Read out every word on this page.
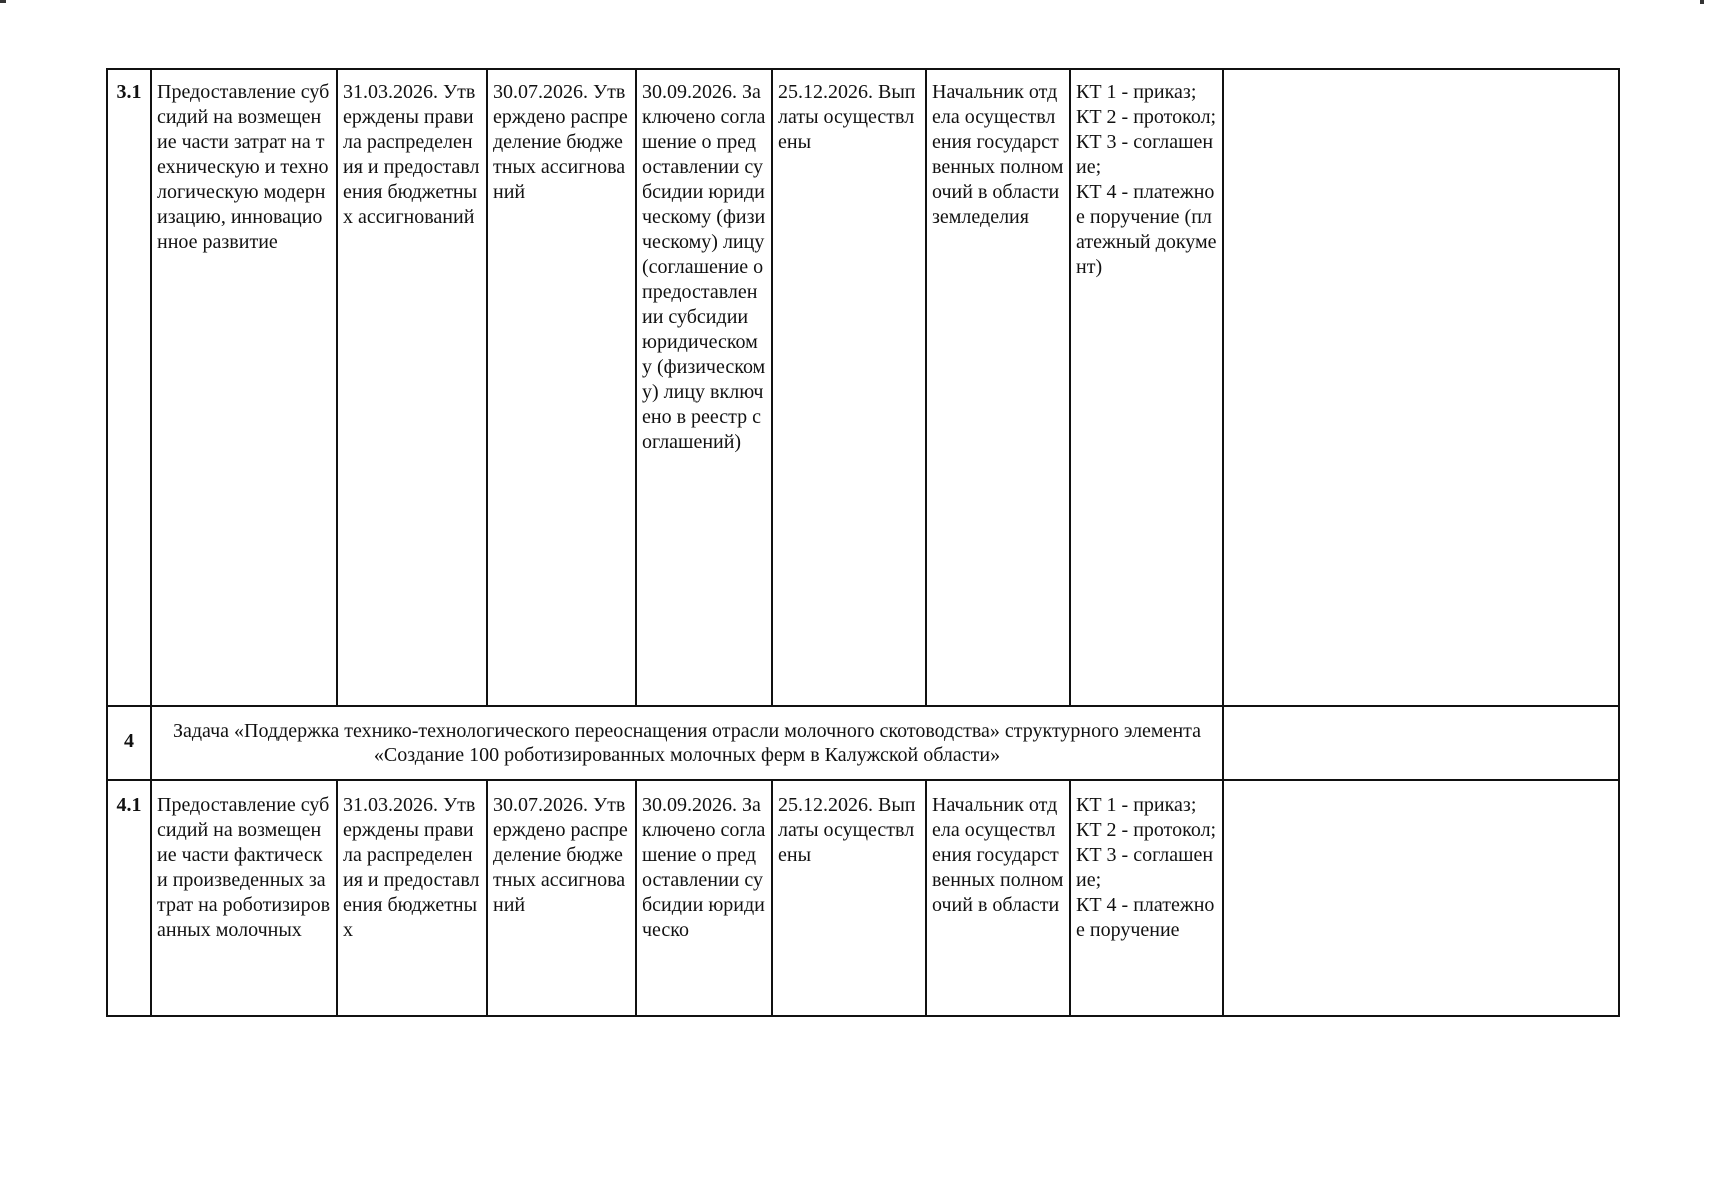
3.1	Предоставление субсидий на возмещение части затрат на техническую и технологическую модернизацию, инновационное развитие	31.03.2026. Утверждены правила распределения и предоставления бюджетных ассигнований	30.07.2026. Утверждено распределение бюджетных ассигнований	30.09.2026. Заключено соглашение о предоставлении субсидии юридическому (физическому) лицу (соглашение о предоставлении субсидии юридическому (физическому) лицу включено в реестр соглашений)	25.12.2026. Выплаты осуществлены	Начальник отдела осуществления государственных полномочий в области земледелия	КТ 1 - приказ;
КТ 2 - протокол;
КТ 3 - соглашение;
КТ 4 - платежное поручение (платежный документ)	
4	Задача «Поддержка технико-технологического переоснащения отрасли молочного скотоводства» структурного элемента «Создание 100 роботизированных молочных ферм в Калужской области»							
4.1	Предоставление субсидий на возмещение части фактически произведенных затрат на роботизированных молочных	31.03.2026. Утверждены правила распределения и предоставления бюджетных	30.07.2026. Утверждено распределение бюджетных ассигнований	30.09.2026. Заключено соглашение о предоставлении субсидии юридическо	25.12.2026. Выплаты осуществлены	Начальник отдела осуществления государственных полномочий в области	КТ 1 - приказ;
КТ 2 - протокол;
КТ 3 - соглашение;
КТ 4 - платежное поручение	
